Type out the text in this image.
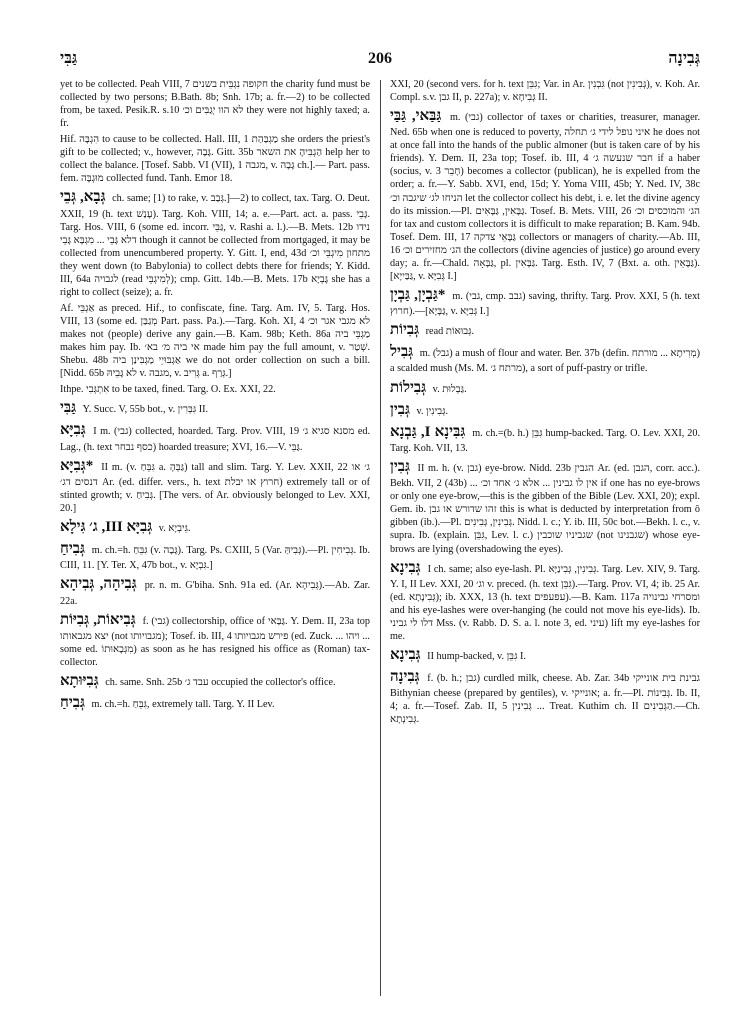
גַּבִּי	206	גְּבִינָה

yet to be collected. Peah VIII, 7 חקופה נִגְבֵּית בשנים the charity fund must be collected by two persons; B.Bath. 8b; Snh. 17b; a. fr.—2) to be collected from, be taxed. Pesik.R. s.10 לא הוו יְגַבִּים וכ׳ they were not highly taxed; a. fr.

Hif. הִגְבָּה to cause to be collected. Hall. III, 1 מַגְבַּהַת she orders the priest's gift to be collected; v., however, גָּבָה. Gitt. 35b הַגְבִּיהָ את השאר help her to collect the balance. [Tosef. Sabb. VI (VII), 1 מגבה, v. גָּבָה ch.].— Part. pass. fem. מוּגְבָּה collected fund. Tanh. Emor 18.

גְּבָא, גְּבֵי ch. same; [1) to rake, v. גְּבַב.]—2) to collect, tax. Targ. O. Deut. XXII, 19 (h. text עָנַשׁ). Targ. Koh. VIII, 14; a. e.—Part. act. a. pass. גָּבֵי. Targ. Hos. VIII, 6 (some ed. incorr. גַּבֵּי, v. Rashi a. l.).—B. Mets. 12b נידו דלא גָּבֵי ... מִגְבָּא גָּבֵי though it cannot be collected from mortgaged, it may be collected from unencumbered property. Y. Gitt. I, end, 43d מתחון מִיגְבֵּי וכ׳ they went down (to Babylonia) to collect debts there for friends; Y. Kidd. III, 64a לגבויה (read לְמִיגְבֵּי); cmp. Gitt. 14b.—B. Mets. 17b גָּבְיָא she has a right to collect (seize); a. fr.

Af. אַגְבֵּי as preced. Hif., to confiscate, fine. Targ. Am. IV, 5. Targ. Hos. VIII, 13 (some ed. מְגַבַּן Part. pass. Pa.).—Targ. Koh. XI, 4 לא מגבי אגר וכ׳ makes not (people) derive any gain.—B. Kam. 98b; Keth. 86a מַגְבֵּי ביה makes him pay. Ib. אי ביה מ׳ בא׳ made him pay the full amount, v. שְׁטַר. Shebu. 48b אַגְבּוּיֵי מַגְבִּינַן ביה we do not order collection on such a bill. [Nidd. 65b לא גָּבֵיהּ v. מגבה, v. גְּרִיב a. גְּרַף.]

Ithpe. אִתְגְּבִי to be taxed, fined. Targ. O. Ex. XXI, 22.

גַּבִּי Y. Succ. V, 55b bot., v. גִּבְּרִין II.

גְּבִיָּא I m. (גבי) collected, hoarded. Targ. Prov. VIII, 19 מסנא סגיא ג׳ ed. Lag., (h. text כסף נבחר) hoarded treasure; XVI, 16.—V. גַּבֵּי.

*גְּבִיָּא II m. (v. גִּבֵּחַ a. גַּבְּהָ) tall and slim. Targ. Y. Lev. XXII, 22 ג׳ או דנסים דג׳ Ar. (ed. differ. vers., h. text חרוץ או יבלת) extremely tall or of stinted growth; v. גְּבִיחַ. [The vers. of Ar. obviously belonged to Lev. XXI, 20.]

גְּבִיָּא III, ג׳ גִּילָא v. גֵּיבְיָא.

גְּבִיחַ m. ch.=h. גִּבֵּחַ (v. גָּבָה). Targ. Ps. CXIII, 5 (Var. גְּבִיהַּ).—Pl. גְּבִיחִין. Ib. CIII, 11. [Y. Ter. X, 47b bot., v. גִּבְיָא.]

גְּבִיהָה, גְּבִיהָא pr. n. m. G'biha. Snh. 91a ed. (Ar. גְּבִיהָא).—Ab. Zar. 22a.

גְּבִיאוֹת, גְּבִיּוֹת f. (גבי) collectorship, office of גַּבַּאי. Y. Dem. II, 23a top יצא מגבאותו (not מגבויותו); Tosef. ib. III, 4 פירש מגבויותו (ed. Zuck. ... ויהו ... some ed. מִגְּבָאוּתוֹ) as soon as he has resigned his office as (Roman) tax-collector.

גְּבִיּוּתָא ch. same. Snh. 25b עבד ג׳ occupied the collector's office.

גְּבִיחַ m. ch.=h. גִּבֵּחַ, extremely tall. Targ. Y. II Lev.

XXI, 20 (second vers. for h. text גִּבֵּן; Var. in Ar. גִּבְנִין (not גְּבִינִין), v. Koh. Ar. Compl. s.v. גבן II, p. 227a); v. גְּבִיחָא II.

גַּבַּאי, גַּבַּי m. (גבי) collector of taxes or charities, treasurer, manager. Ned. 65b when one is reduced to poverty, איני נופל לידי ג׳ תחלה he does not at once fall into the hands of the public almoner (but is taken care of by his friends). Y. Dem. II, 23a top; Tosef. ib. III, 4 חבר שנעשה ג׳ if a haber (socius, v. חָבֵר 3) becomes a collector (publican), he is expelled from the order; a. fr.—Y. Sabb. XVI, end, 15d; Y. Yoma VIII, 45b; Y. Ned. IV, 38c הניחו לג׳ שיגבה וכ׳ let the collector collect his debt, i. e. let the divine agency do its mission.—Pl. גַּבָּאִין, גַּבָּאִים. Tosef. B. Mets. VIII, 26 הג׳ והמוכסים וכ׳ for tax and custom collectors it is difficult to make reparation; B. Kam. 94b. Tosef. Dem. III, 17 גַּבָּאֵי צדקה collectors or managers of charity.—Ab. III, 16 הג׳ מחזירים וכ׳ the collectors (divine agencies of justice) go around every day; a. fr.—Chald. גַּבָּאָה, pl. גַּבָּאִין. Targ. Esth. IV, 7 (Bxt. a. oth. גַּבָּאֵין). [גַּבַּייָא, v. גְּבִיָּא I.]

*גַּבְיָן, גַּבְיָן m. (גבי, cmp. גבב) saving, thrifty. Targ. Prov. XXI, 5 (h. text חרוץ).—[גַּבָּיָא, v. גְּבִיָּא I.]

גְּבִיוֹת read גְּבוּאוֹת.

גְּבִיל m. (גבל) a mush of flour and water. Ber. 37b (defin. מְרִיתָא ... מורתח) a scalded mush (Ms. M. מרתח ג׳), a sort of puff-pastry or trifle.

גְּבִילוֹת v. גַּבְלוּת.

גְּבִין v. גְּבִינִין.

גִּבִּינָא I, גַּבְנָא m. ch.=(b. h.) גִּבֵּן hump-backed. Targ. O. Lev. XXI, 20. Targ. Koh. VII, 13.

גְּבִין II m. h. (v. גבן) eye-brow. Nidd. 23b הגבין Ar. (ed. הגבן, corr. acc.). Bekh. VII, 2 (43b) ... אין לו גבינין ... אלא ג׳ אחד וכ׳ if one has no eye-brows or only one eye-brow,—this is the gibben of the Bible (Lev. XXI, 20); expl. Gem. ib. זהו שדורש או גבן this is what is deducted by interpretation from ô gibben (ib.).—Pl. גְּבִינִין, גְּבִינִים. Nidd. l. c.; Y. ib. III, 50c bot.—Bekh. l. c., v. supra. Ib. (explain. גִּבֵּן, Lev. l. c.) שגביניו שוכבין (not שגבנינו) whose eye-brows are lying (overshadowing the eyes).

גְּבִינָא I ch. same; also eye-lash. Pl. גְּבִינִין, גְּבִינַיָּא. Targ. Lev. XIV, 9. Targ. Y. I, II Lev. XXI, 20 וג׳ v. preced. (h. text גִּבֵּן).—Targ. Prov. VI, 4; ib. 25 Ar. (ed. גְּבִינָתָא); ib. XXX, 13 (h. text עפעפים).—B. Kam. 117a ומסרחי גבינויה and his eye-lashes were over-hanging (he could not move his eye-lids). Ib. דלו לי גביני Mss. (v. Rabb. D. S. a. l. note 3, ed. עיני) lift my eye-lashes for me.

גְּבִינָא II hump-backed, v. גִּבֵּן I.

גְּבִינָה f. (b. h.; גבן) curdled milk, cheese. Ab. Zar. 34b גבינת בית אונייקי Bithynian cheese (prepared by gentiles), v. אונייקי; a. fr.—Pl. גְּבִינוֹת. Ib. II, 4; a. fr.—Tosef. Zab. II, 5 גְּבִינִין ... Treat. Kuthim ch. II הַגְּבִינִים.—Ch. גְּבִינְתָא.
